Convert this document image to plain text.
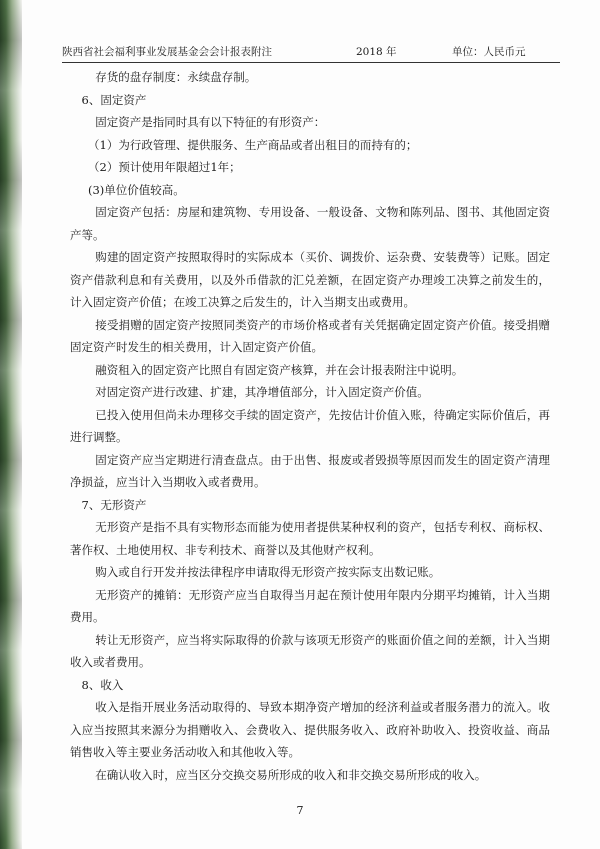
陕西省社会福利事业发展基金会会计报表附注	2018 年	单位：人民币元

存货的盘存制度：永续盘存制。

6、固定资产

固定资产是指同时具有以下特征的有形资产：

（1）为行政管理、提供服务、生产商品或者出租目的而持有的；

（2）预计使用年限超过1年；

(3)单位价值较高。

固定资产包括：房屋和建筑物、专用设备、一般设备、文物和陈列品、图书、其他固定资产等。

购建的固定资产按照取得时的实际成本（买价、调拨价、运杂费、安装费等）记账。固定资产借款利息和有关费用，以及外币借款的汇兑差额，在固定资产办理竣工决算之前发生的，计入固定资产价值；在竣工决算之后发生的，计入当期支出或费用。

接受捐赠的固定资产按照同类资产的市场价格或者有关凭据确定固定资产价值。接受捐赠固定资产时发生的相关费用，计入固定资产价值。

融资租入的固定资产比照自有固定资产核算，并在会计报表附注中说明。

对固定资产进行改建、扩建，其净增值部分，计入固定资产价值。

已投入使用但尚未办理移交手续的固定资产，先按估计价值入账，待确定实际价值后，再进行调整。

固定资产应当定期进行清查盘点。由于出售、报废或者毁损等原因而发生的固定资产清理净损益，应当计入当期收入或者费用。

7、无形资产

无形资产是指不具有实物形态而能为使用者提供某种权利的资产，包括专利权、商标权、著作权、土地使用权、非专利技术、商誉以及其他财产权利。

购入或自行开发并按法律程序申请取得无形资产按实际支出数记账。

无形资产的摊销：无形资产应当自取得当月起在预计使用年限内分期平均摊销，计入当期费用。

转让无形资产，应当将实际取得的价款与该项无形资产的账面价值之间的差额，计入当期收入或者费用。

8、收入

收入是指开展业务活动取得的、导致本期净资产增加的经济利益或者服务潜力的流入。收入应当按照其来源分为捐赠收入、会费收入、提供服务收入、政府补助收入、投资收益、商品销售收入等主要业务活动收入和其他收入等。

在确认收入时，应当区分交换交易所形成的收入和非交换交易所形成的收入。

7
